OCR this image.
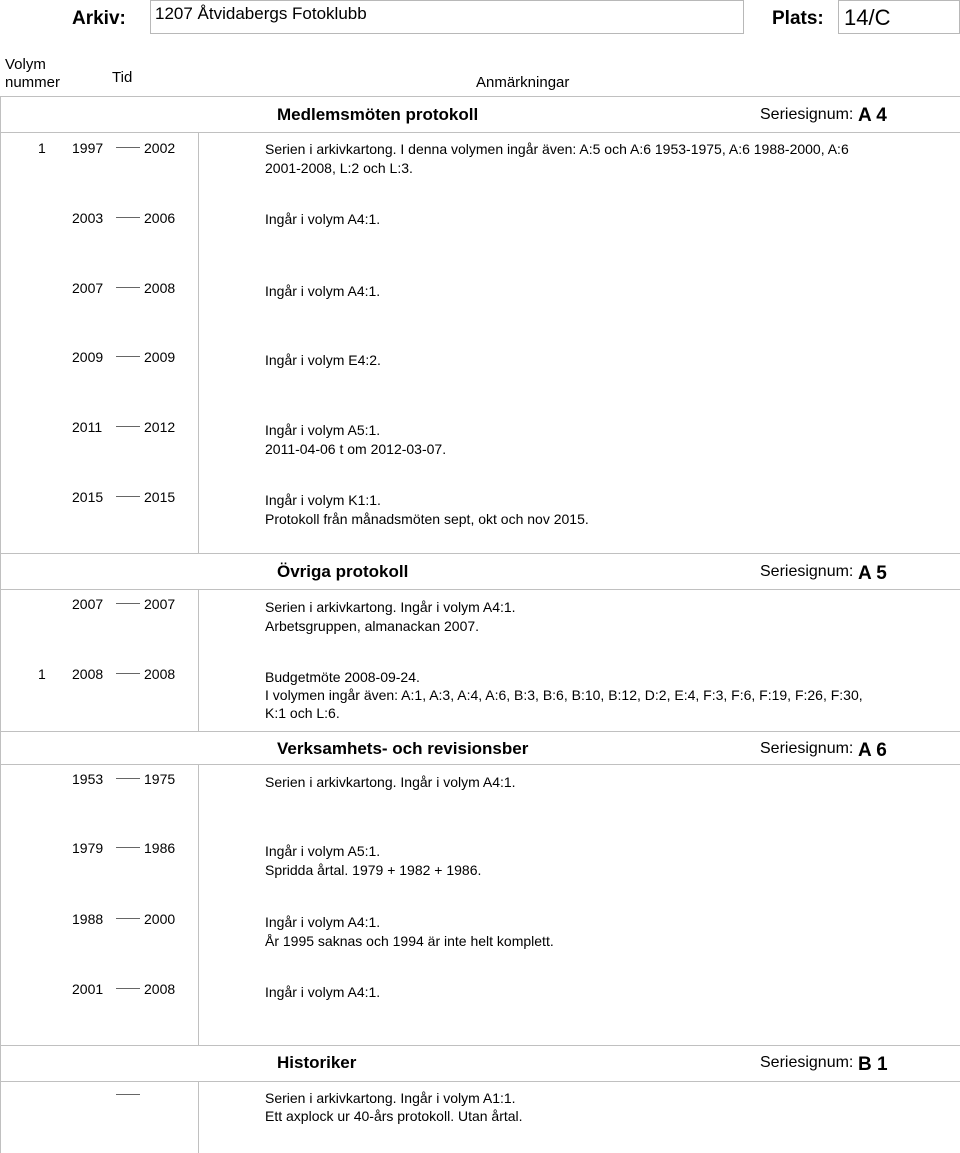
Arkiv: 1207 Åtvidabergs Fotoklubb	Plats: 14/C
Volym
nummer	Tid	Anmärkningar
Medlemsmöten protokoll	Seriesignum: A 4
1 1997	2002	Serien i arkivkartong. I denna volymen ingår även: A:5 och A:6 1953-1975, A:6 1988-2000, A:6
2001-2008, L:2 och L:3.
2003	2006	Ingår i volym A4:1.
2007	2008	Ingår i volym A4:1.
2009	2009	Ingår i volym E4:2.
2011	2012	Ingår i volym A5:1.
2011-04-06 t om 2012-03-07.
2015	2015	Ingår i volym K1:1.
Protokoll från månadsmöten sept, okt och nov 2015.
Övriga protokoll	Seriesignum: A 5
2007	2007	Serien i arkivkartong. Ingår i volym A4:1.
Arbetsgruppen, almanackan 2007.
1 2008	2008	Budgetmöte 2008-09-24.
I volymen ingår även: A:1, A:3, A:4, A:6, B:3, B:6, B:10, B:12, D:2, E:4, F:3, F:6, F:19, F:26, F:30,
K:1 och L:6.
Verksamhets- och revisionsber	Seriesignum: A 6
1953	1975	Serien i arkivkartong. Ingår i volym A4:1.
1979	1986	Ingår i volym A5:1.
Spridda årtal. 1979 + 1982 + 1986.
1988	2000	Ingår i volym A4:1.
År 1995 saknas och 1994 är inte helt komplett.
2001	2008	Ingår i volym A4:1.
Historiker	Seriesignum: B 1
Serien i arkivkartong. Ingår i volym A1:1.
Ett axplock ur 40-års protokoll. Utan årtal.
